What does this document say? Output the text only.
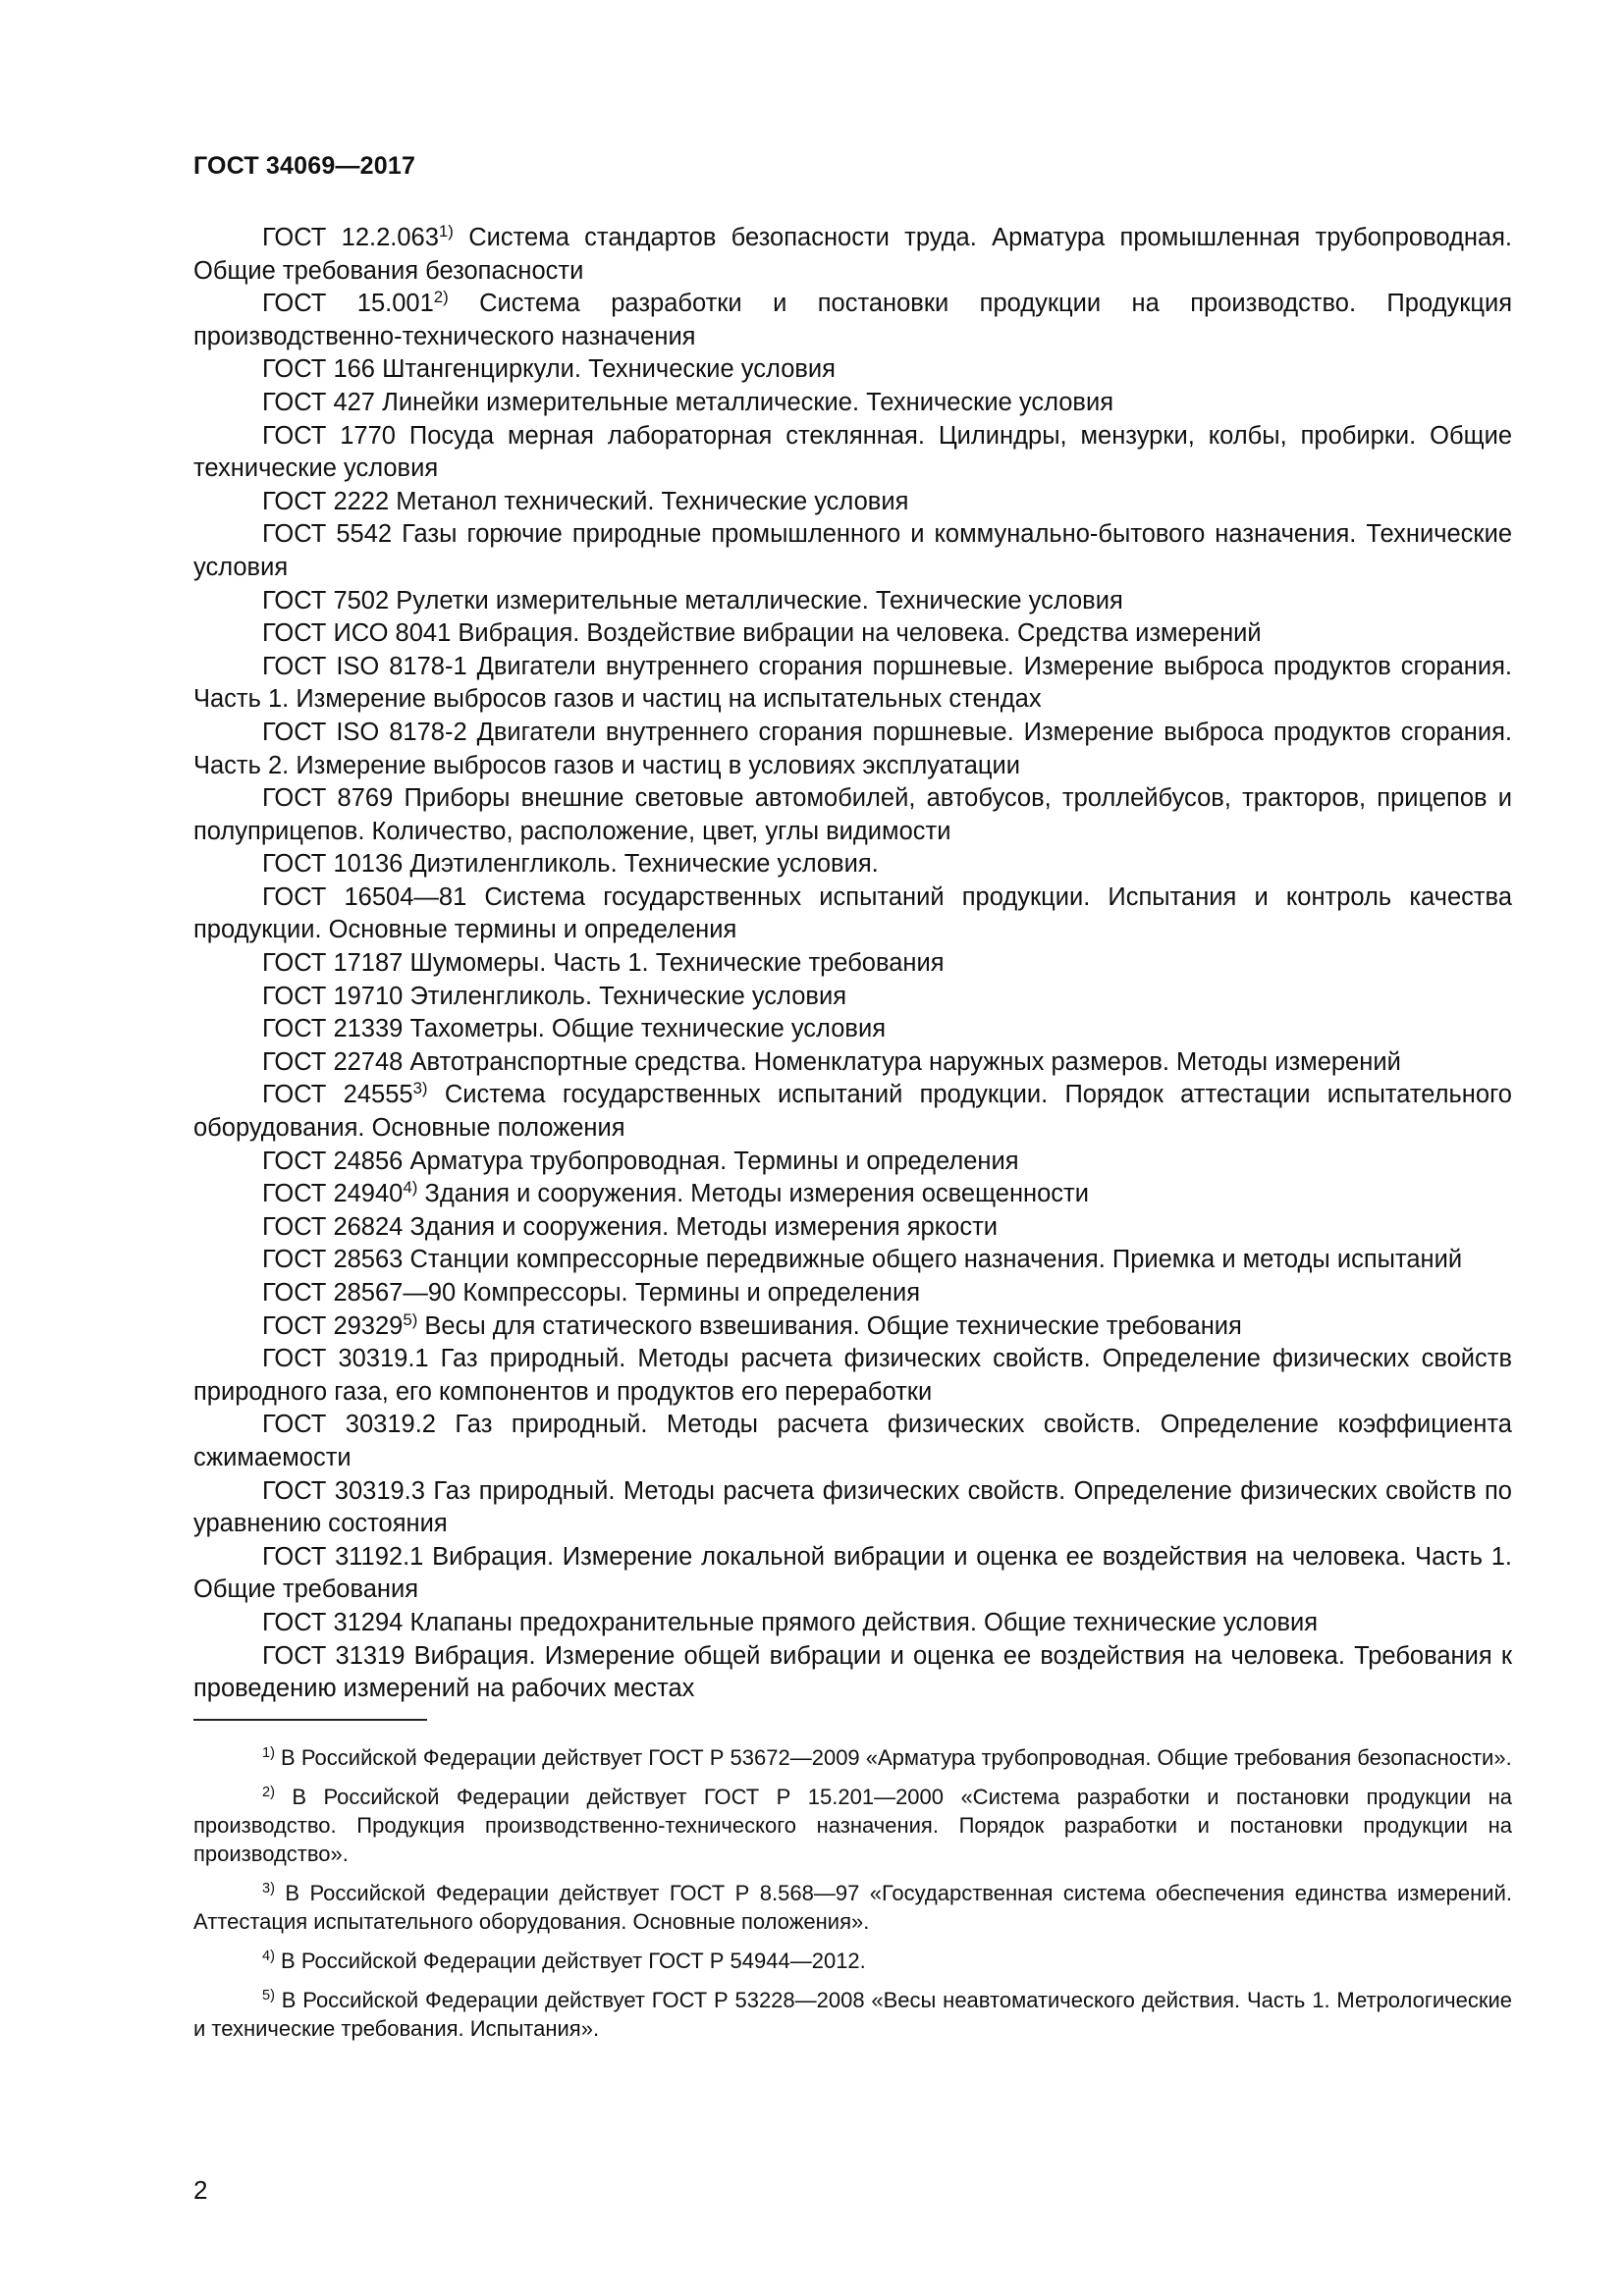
ГОСТ 34069—2017

ГОСТ 12.2.063$^{1)}$ Система стандартов безопасности труда. Арматура промышленная трубопроводная. Общие требования безопасности

ГОСТ 15.001$^{2)}$ Система разработки и постановки продукции на производство. Продукция производственно-технического назначения

ГОСТ 166 Штангенциркули. Технические условия

ГОСТ 427 Линейки измерительные металлические. Технические условия

ГОСТ 1770 Посуда мерная лабораторная стеклянная. Цилиндры, мензурки, колбы, пробирки. Общие технические условия

ГОСТ 2222 Метанол технический. Технические условия

ГОСТ 5542 Газы горючие природные промышленного и коммунально-бытового назначения. Технические условия

ГОСТ 7502 Рулетки измерительные металлические. Технические условия

ГОСТ ИСО 8041 Вибрация. Воздействие вибрации на человека. Средства измерений

ГОСТ ISO 8178-1 Двигатели внутреннего сгорания поршневые. Измерение выброса продуктов сгорания. Часть 1. Измерение выбросов газов и частиц на испытательных стендах

ГОСТ ISO 8178-2 Двигатели внутреннего сгорания поршневые. Измерение выброса продуктов сгорания. Часть 2. Измерение выбросов газов и частиц в условиях эксплуатации

ГОСТ 8769 Приборы внешние световые автомобилей, автобусов, троллейбусов, тракторов, прицепов и полуприцепов. Количество, расположение, цвет, углы видимости

ГОСТ 10136 Диэтиленгликоль. Технические условия.

ГОСТ 16504—81 Система государственных испытаний продукции. Испытания и контроль качества продукции. Основные термины и определения

ГОСТ 17187 Шумомеры. Часть 1. Технические требования

ГОСТ 19710 Этиленгликоль. Технические условия

ГОСТ 21339 Тахометры. Общие технические условия

ГОСТ 22748 Автотранспортные средства. Номенклатура наружных размеров. Методы измерений

ГОСТ 24555$^{3)}$ Система государственных испытаний продукции. Порядок аттестации испытательного оборудования. Основные положения

ГОСТ 24856 Арматура трубопроводная. Термины и определения

ГОСТ 24940$^{4)}$ Здания и сооружения. Методы измерения освещенности

ГОСТ 26824 Здания и сооружения. Методы измерения яркости

ГОСТ 28563 Станции компрессорные передвижные общего назначения. Приемка и методы испытаний

ГОСТ 28567—90 Компрессоры. Термины и определения

ГОСТ 29329$^{5)}$ Весы для статического взвешивания. Общие технические требования

ГОСТ 30319.1 Газ природный. Методы расчета физических свойств. Определение физических свойств природного газа, его компонентов и продуктов его переработки

ГОСТ 30319.2 Газ природный. Методы расчета физических свойств. Определение коэффициента сжимаемости

ГОСТ 30319.3 Газ природный. Методы расчета физических свойств. Определение физических свойств по уравнению состояния

ГОСТ 31192.1 Вибрация. Измерение локальной вибрации и оценка ее воздействия на человека. Часть 1. Общие требования

ГОСТ 31294 Клапаны предохранительные прямого действия. Общие технические условия

ГОСТ 31319 Вибрация. Измерение общей вибрации и оценка ее воздействия на человека. Требования к проведению измерений на рабочих местах

$^{1)}$ В Российской Федерации действует ГОСТ Р 53672—2009 «Арматура трубопроводная. Общие требования безопасности».

$^{2)}$ В Российской Федерации действует ГОСТ Р 15.201—2000 «Система разработки и постановки продукции на производство. Продукция производственно-технического назначения. Порядок разработки и постановки продукции на производство».

$^{3)}$ В Российской Федерации действует ГОСТ Р 8.568—97 «Государственная система обеспечения единства измерений. Аттестация испытательного оборудования. Основные положения».

$^{4)}$ В Российской Федерации действует ГОСТ Р 54944—2012.

$^{5)}$ В Российской Федерации действует ГОСТ Р 53228—2008 «Весы неавтоматического действия. Часть 1. Метрологические и технические требования. Испытания».

2
